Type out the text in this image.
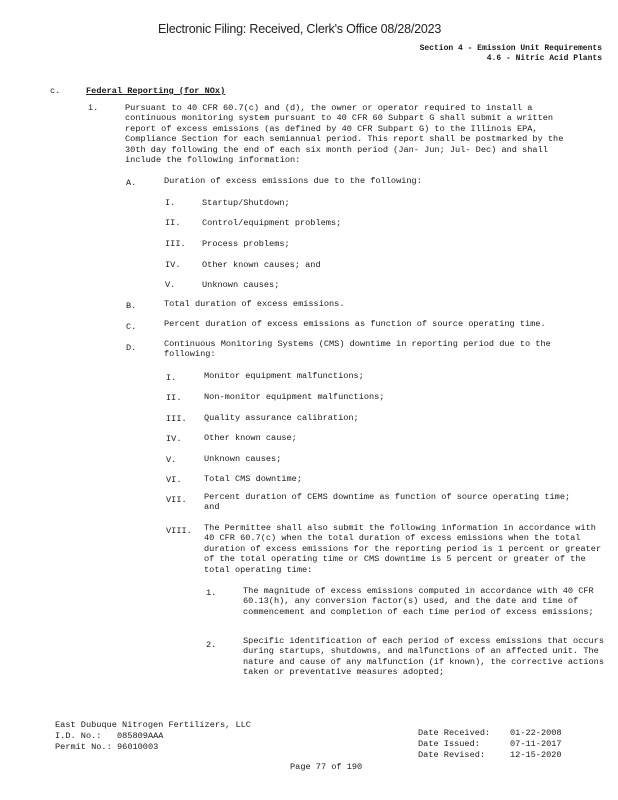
Electronic Filing: Received, Clerk's Office 08/28/2023
Section 4 - Emission Unit Requirements
4.6 - Nitric Acid Plants
c.	Federal Reporting (for NOx)
i.	Pursuant to 40 CFR 60.7(c) and (d), the owner or operator required to install a continuous monitoring system pursuant to 40 CFR 60 Subpart G shall submit a written report of excess emissions (as defined by 40 CFR Subpart G) to the Illinois EPA, Compliance Section for each semiannual period. This report shall be postmarked by the 30th day following the end of each six month period (Jan- Jun; Jul- Dec) and shall include the following information:
A.	Duration of excess emissions due to the following:
I.	Startup/Shutdown;
II.	Control/equipment problems;
III. Process problems;
IV.	Other known causes; and
V.	Unknown causes;
B.	Total duration of excess emissions.
C.	Percent duration of excess emissions as function of source operating time.
D.	Continuous Monitoring Systems (CMS) downtime in reporting period due to the following:
I.	Monitor equipment malfunctions;
II.	Non-monitor equipment malfunctions;
III. Quality assurance calibration;
IV.	Other known cause;
V.	Unknown causes;
VI.	Total CMS downtime;
VII. Percent duration of CEMS downtime as function of source operating time; and
VIII. The Permittee shall also submit the following information in accordance with 40 CFR 60.7(c) when the total duration of excess emissions when the total duration of excess emissions for the reporting period is 1 percent or greater of the total operating time or CMS downtime is 5 percent or greater of the total operating time:
1.	The magnitude of excess emissions computed in accordance with 40 CFR 60.13(h), any conversion factor(s) used, and the date and time of commencement and completion of each time period of excess emissions;
2.	Specific identification of each period of excess emissions that occurs during startups, shutdowns, and malfunctions of an affected unit. The nature and cause of any malfunction (if known), the corrective actions taken or preventative measures adopted;
East Dubuque Nitrogen Fertilizers, LLC
I.D. No.: 085809AAA
Permit No.: 96010003
Date Received: 01-22-2008
Date Issued:	07-11-2017
Date Revised:	12-15-2020
Page 77 of 190
